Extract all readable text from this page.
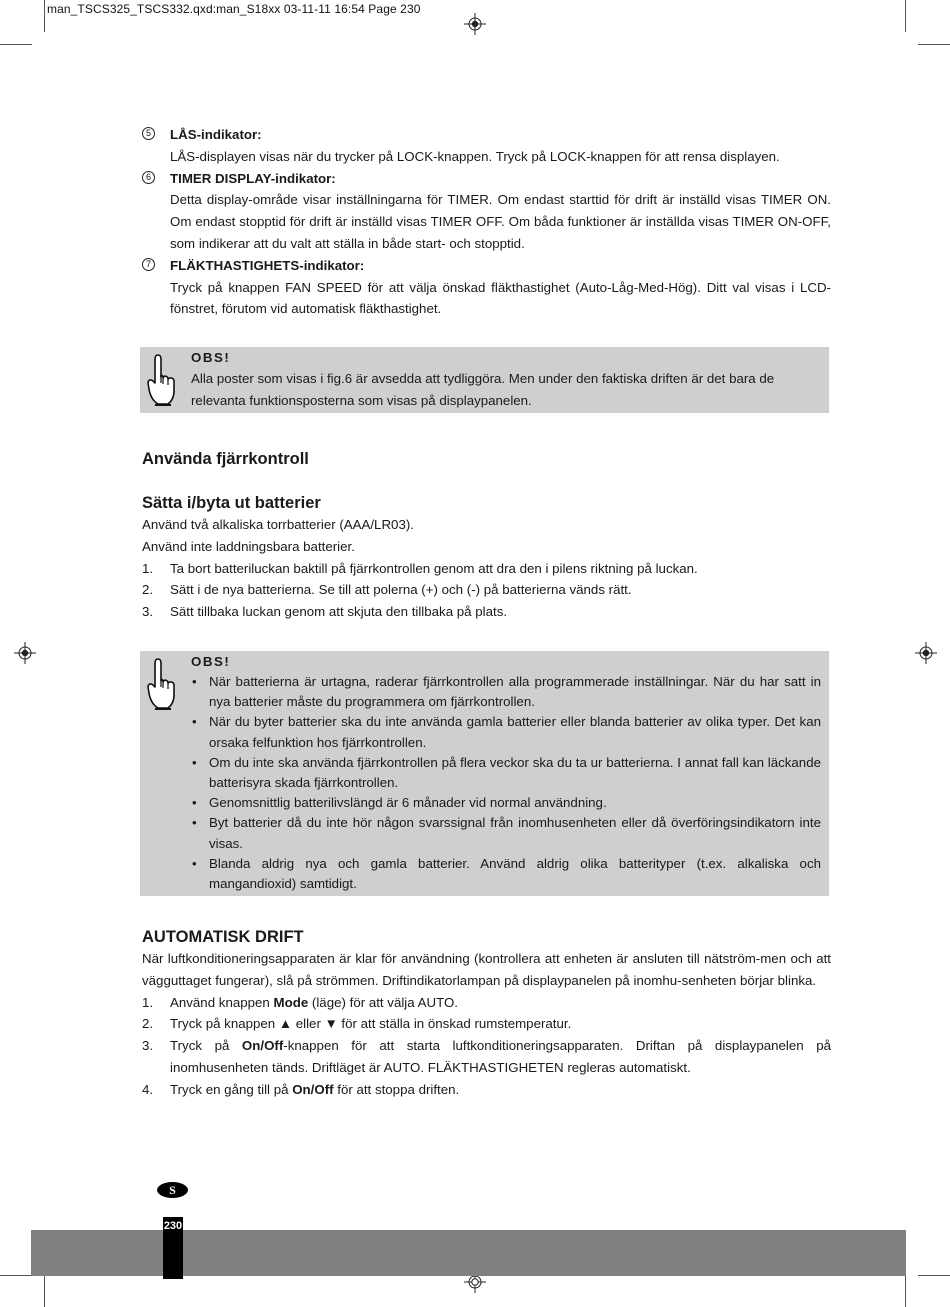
man_TSCS325_TSCS332.qxd:man_S18xx 03-11-11 16:54 Page 230
5	LÅS-indikator:
LÅS-displayen visas när du trycker på LOCK-knappen. Tryck på LOCK-knappen för att rensa displayen.
6	TIMER DISPLAY-indikator:
Detta display-område visar inställningarna för TIMER. Om endast starttid för drift är inställd visas TIMER ON. Om endast stopptid för drift är inställd visas TIMER OFF. Om båda funktioner är inställda visas TIMER ON-OFF, som indikerar att du valt att ställa in både start- och stopptid.
7	FLÄKTHASTIGHETS-indikator:
Tryck på knappen FAN SPEED för att välja önskad fläkthastighet (Auto-Låg-Med-Hög). Ditt val visas i LCD-fönstret, förutom vid automatisk fläkthastighet.
OBS!
Alla poster som visas i fig.6 är avsedda att tydliggöra. Men under den faktiska driften är det bara de relevanta funktionsposterna som visas på displaypanelen.
Använda fjärrkontroll
Sätta i/byta ut batterier
Använd två alkaliska torrbatterier (AAA/LR03).
Använd inte laddningsbara batterier.
1. Ta bort batteriluckan baktill på fjärrkontrollen genom att dra den i pilens riktning på luckan.
2. Sätt i de nya batterierna. Se till att polerna (+) och (-) på batterierna vänds rätt.
3. Sätt tillbaka luckan genom att skjuta den tillbaka på plats.
OBS!
• När batterierna är urtagna, raderar fjärrkontrollen alla programmerade inställningar. När du har satt in nya batterier måste du programmera om fjärrkontrollen.
• När du byter batterier ska du inte använda gamla batterier eller blanda batterier av olika typer. Det kan orsaka felfunktion hos fjärrkontrollen.
• Om du inte ska använda fjärrkontrollen på flera veckor ska du ta ur batterierna. I annat fall kan läckande batterisyra skada fjärrkontrollen.
• Genomsnittlig batterilivslängd är 6 månader vid normal användning.
• Byt batterier då du inte hör någon svarssignal från inomhusenheten eller då överföringsindikatorn inte visas.
• Blanda aldrig nya och gamla batterier. Använd aldrig olika batterityper (t.ex. alkaliska och mangandioxid) samtidigt.
AUTOMATISK DRIFT
När luftkonditioneringsapparaten är klar för användning (kontrollera att enheten är ansluten till nätström-men och att vägguttaget fungerar), slå på strömmen. Driftindikatorlampan på displaypanelen på inomhu-senheten börjar blinka.
1. Använd knappen Mode (läge) för att välja AUTO.
2. Tryck på knappen ▲ eller ▼ för att ställa in önskad rumstemperatur.
3. Tryck på On/Off-knappen för att starta luftkonditioneringsapparaten. Driftan på displaypanelen på inomhusenheten tänds. Driftläget är AUTO. FLÄKTHASTIGHETEN regleras automatiskt.
4. Tryck en gång till på On/Off för att stoppa driften.
S
230
